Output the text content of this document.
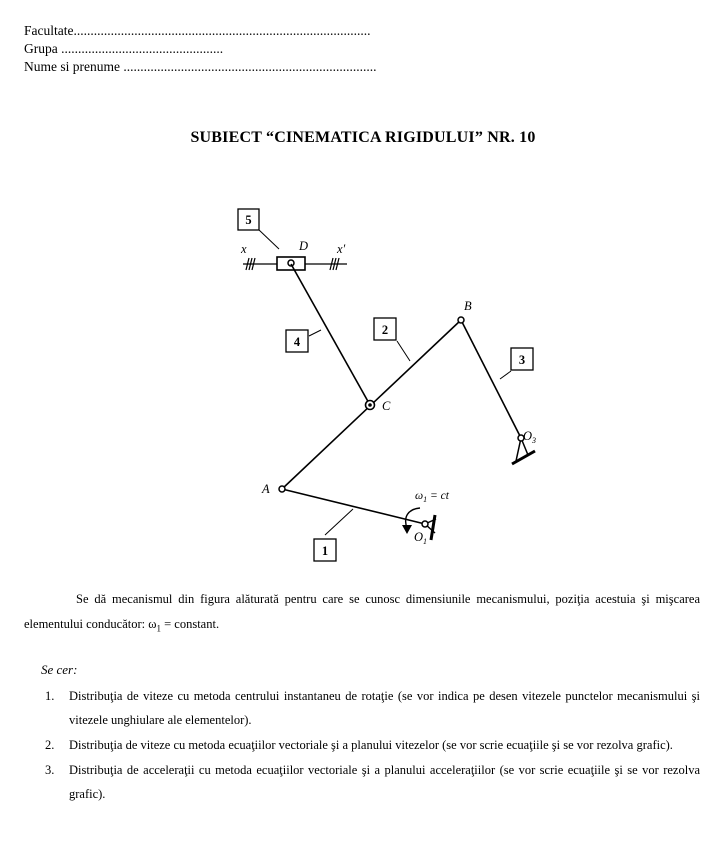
Facultate........................................................................................
Grupa ................................................
Nume si prenume ...........................................................................
SUBIECT “CINEMATICA RIGIDULUI” NR. 10
$\omega_1$ = ct
5
4
2
3
1
x	x′
D
B
C
A
$O_3$
$O_1$
Se dă mecanismul din figura alăturată pentru care se cunosc dimensiunile mecanismului, poziţia acestuia şi mişcarea elementului conducător: $\omega_1$ = constant.
Se cer:
1. Distribuţia de viteze cu metoda centrului instantaneu de rotaţie (se vor indica pe desen vitezele punctelor mecanismului şi vitezele unghiulare ale elementelor).
2. Distribuţia de viteze cu metoda ecuaţiilor vectoriale şi a planului vitezelor (se vor scrie ecuaţiile şi se vor rezolva grafic).
3. Distribuţia de acceleraţii cu metoda ecuaţiilor vectoriale şi a planului acceleraţiilor (se vor scrie ecuaţiile şi se vor rezolva grafic).
